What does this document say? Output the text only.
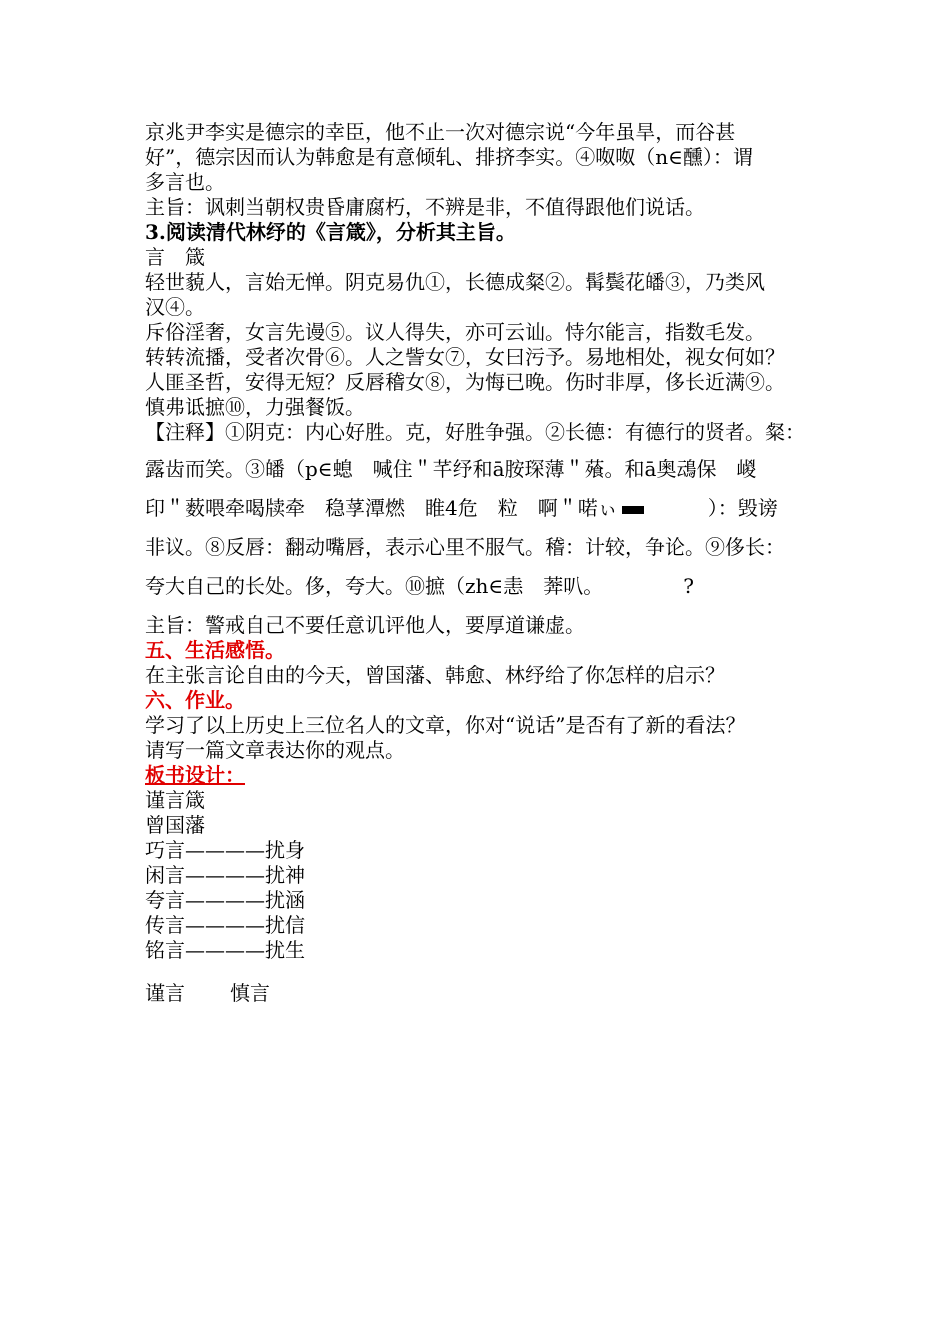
京兆尹李实是德宗的幸臣，他不止一次对德宗说“今年虽旱，而谷甚

好”，德宗因而认为韩愈是有意倾轧、排挤李实。④呶呶（n∈醺）：谓

多言也。

主旨：讽刺当朝权贵昏庸腐朽，不辨是非，不值得跟他们说话。

3.阅读清代林纾的《言箴》，分析其主旨。

言　箴

轻世藐人，言始无惮。阴克易仇①，长德成粲②。髯鬓花皤③，乃类风

汉④。

斥俗淫奢，女言先谩⑤。议人得失，亦可云讪。恃尔能言，指数毛发。

转转流播，受者次骨⑥。人之訾女⑦，女曰污予。易地相处，视女何如？

人匪圣哲，安得无短？反唇稽女⑧，为悔已晚。伤时非厚，侈长近满⑨。

慎弗诋摭⑩，力强餐饭。

【注释】①阴克：内心好胜。克，好胜争强。②长德：有德行的贤者。粲：

露齿而笑。③皤（p∈螅　喊住＂芊纾和ā胺琛薄＂蕵。和ā奥䲰保　嵕

印＂薮喂牵喝牍牵　稳莩潭燃　睢4危　粒　啊＂喏ぃ	）：毁谤

非议。⑧反唇：翻动嘴唇，表示心里不服气。稽：计较，争论。⑨侈长：

夸大自己的长处。侈，夸大。⑩摭（zh∈恚　莾叭。	?

主旨：警戒自己不要任意讥评他人，要厚道谦虚。

五、生活感悟。

在主张言论自由的今天，曾国藩、韩愈、林纾给了你怎样的启示？

六、作业。

学习了以上历史上三位名人的文章，你对“说话”是否有了新的看法？

请写一篇文章表达你的观点。

板书设计：

谨言箴

曾国藩

巧言————扰身

闲言————扰神

夸言————扰涵

传言————扰信

铭言————扰生

谨言 慎言
